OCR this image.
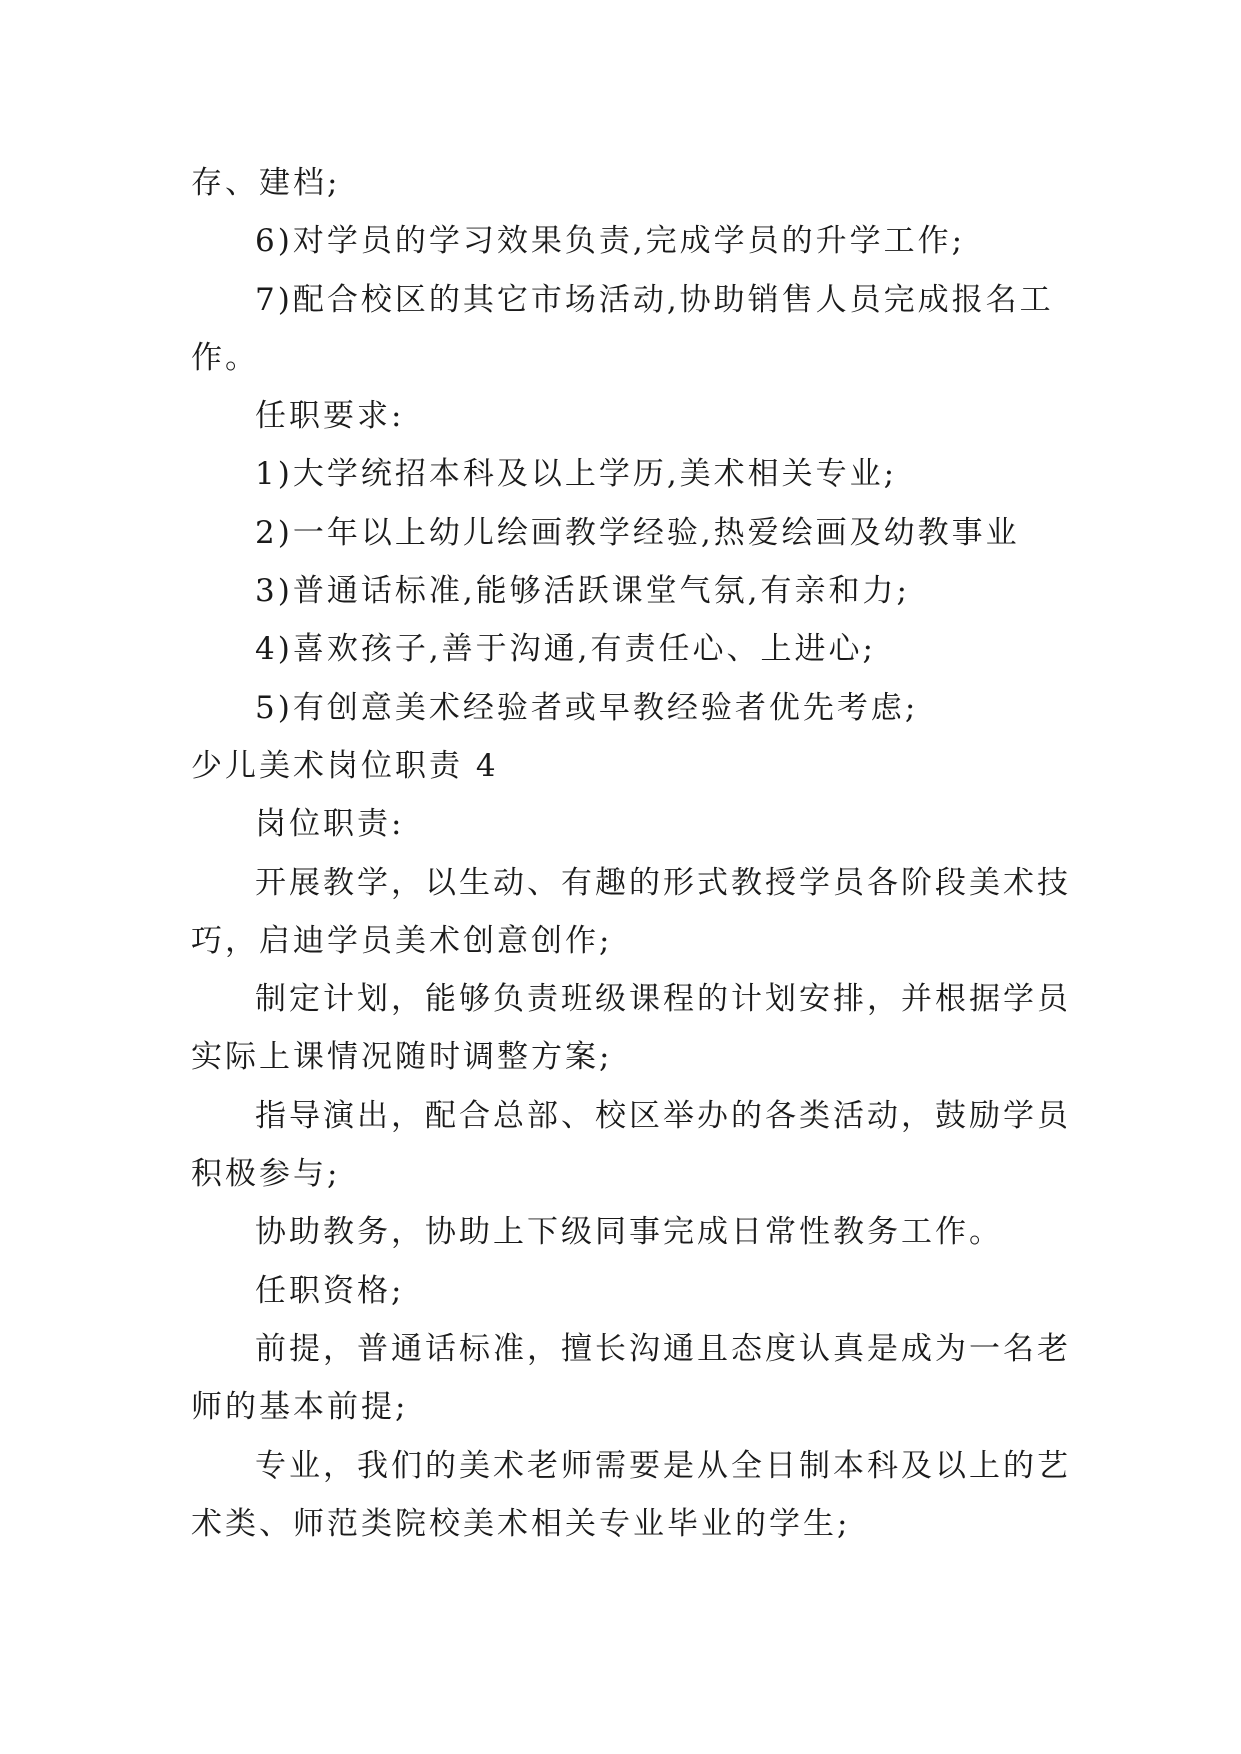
存、建档;
6)对学员的学习效果负责,完成学员的升学工作;
7)配合校区的其它市场活动,协助销售人员完成报名工
作。
任职要求:
1)大学统招本科及以上学历,美术相关专业;
2)一年以上幼儿绘画教学经验,热爱绘画及幼教事业
3)普通话标准,能够活跃课堂气氛,有亲和力;
4)喜欢孩子,善于沟通,有责任心、上进心;
5)有创意美术经验者或早教经验者优先考虑;
少儿美术岗位职责 4
岗位职责:
开展教学，以生动、有趣的形式教授学员各阶段美术技
巧，启迪学员美术创意创作;
制定计划，能够负责班级课程的计划安排，并根据学员
实际上课情况随时调整方案;
指导演出，配合总部、校区举办的各类活动，鼓励学员
积极参与;
协助教务，协助上下级同事完成日常性教务工作。
任职资格;
前提，普通话标准，擅长沟通且态度认真是成为一名老
师的基本前提;
专业，我们的美术老师需要是从全日制本科及以上的艺
术类、师范类院校美术相关专业毕业的学生;
